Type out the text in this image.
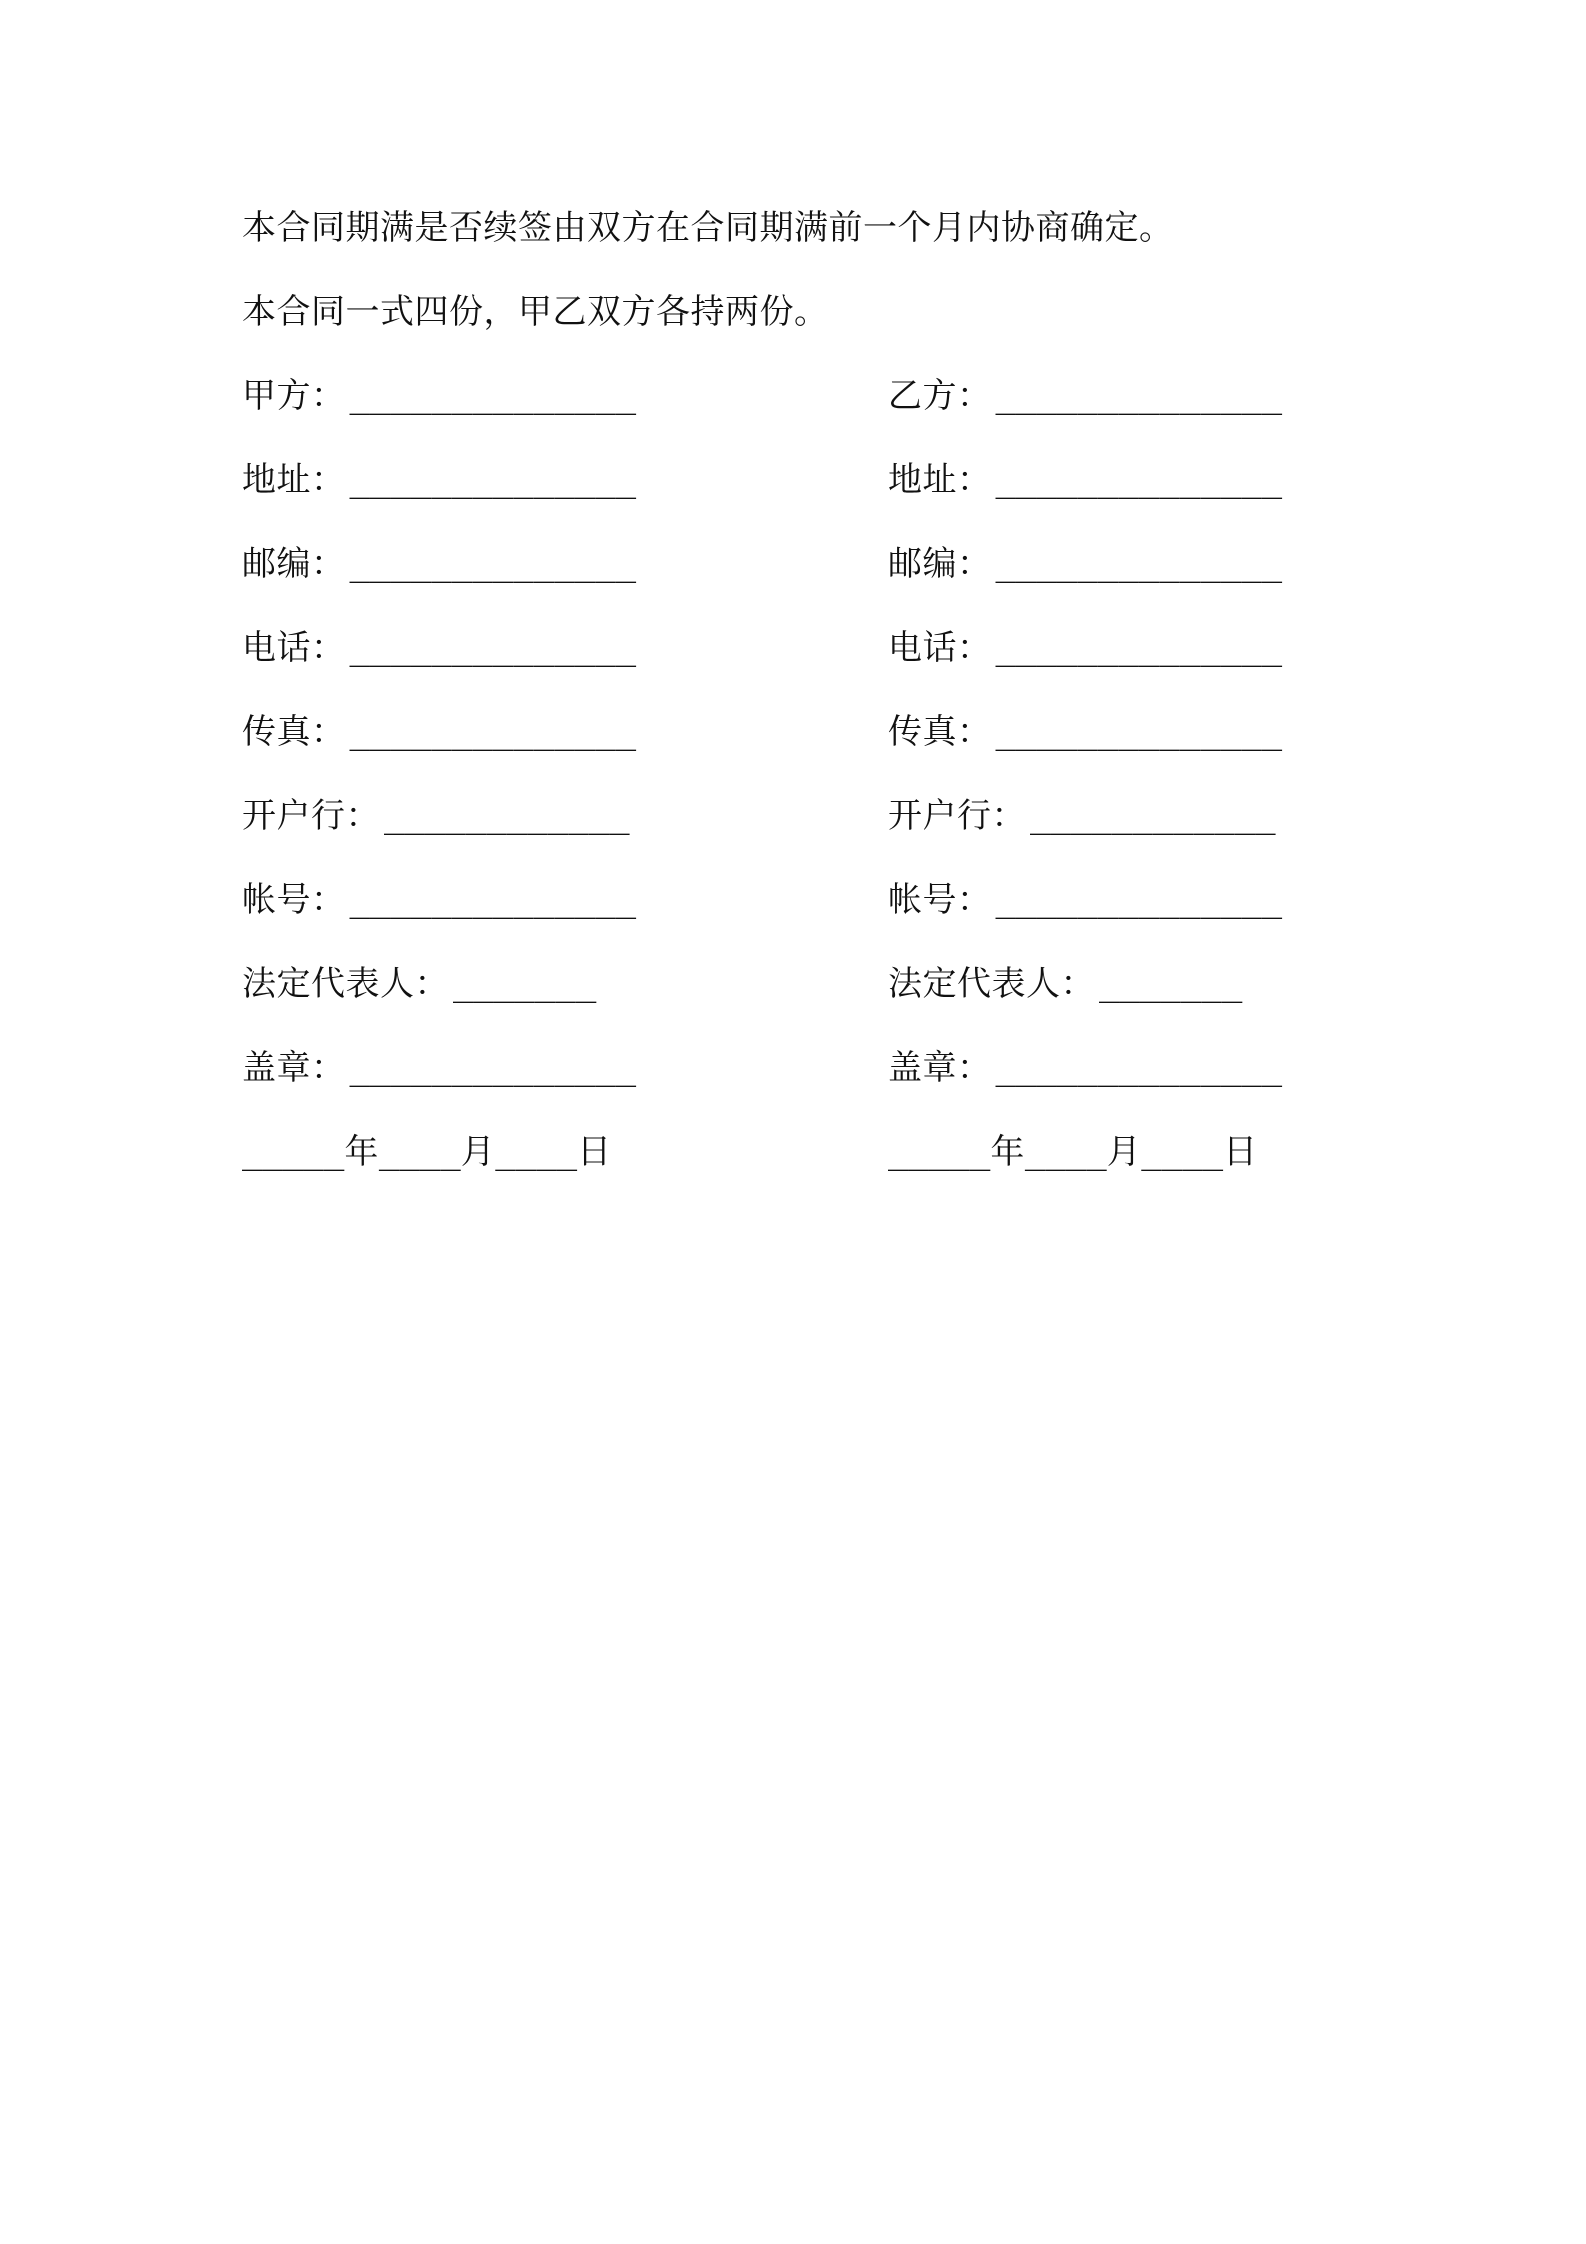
本合同期满是否续签由双方在合同期满前一个月内协商确定。
本合同一式四份，甲乙双方各持两份。
甲方： ______________
地址： ______________
邮编： ______________
电话： ______________
传真： ______________
开户行： ____________
帐号： ______________
法定代表人： _______
盖章： ______________
_____年____月____日
乙方： ______________
地址： ______________
邮编： ______________
电话： ______________
传真： ______________
开户行： ____________
帐号： ______________
法定代表人： _______
盖章： ______________
_____年____月____日
